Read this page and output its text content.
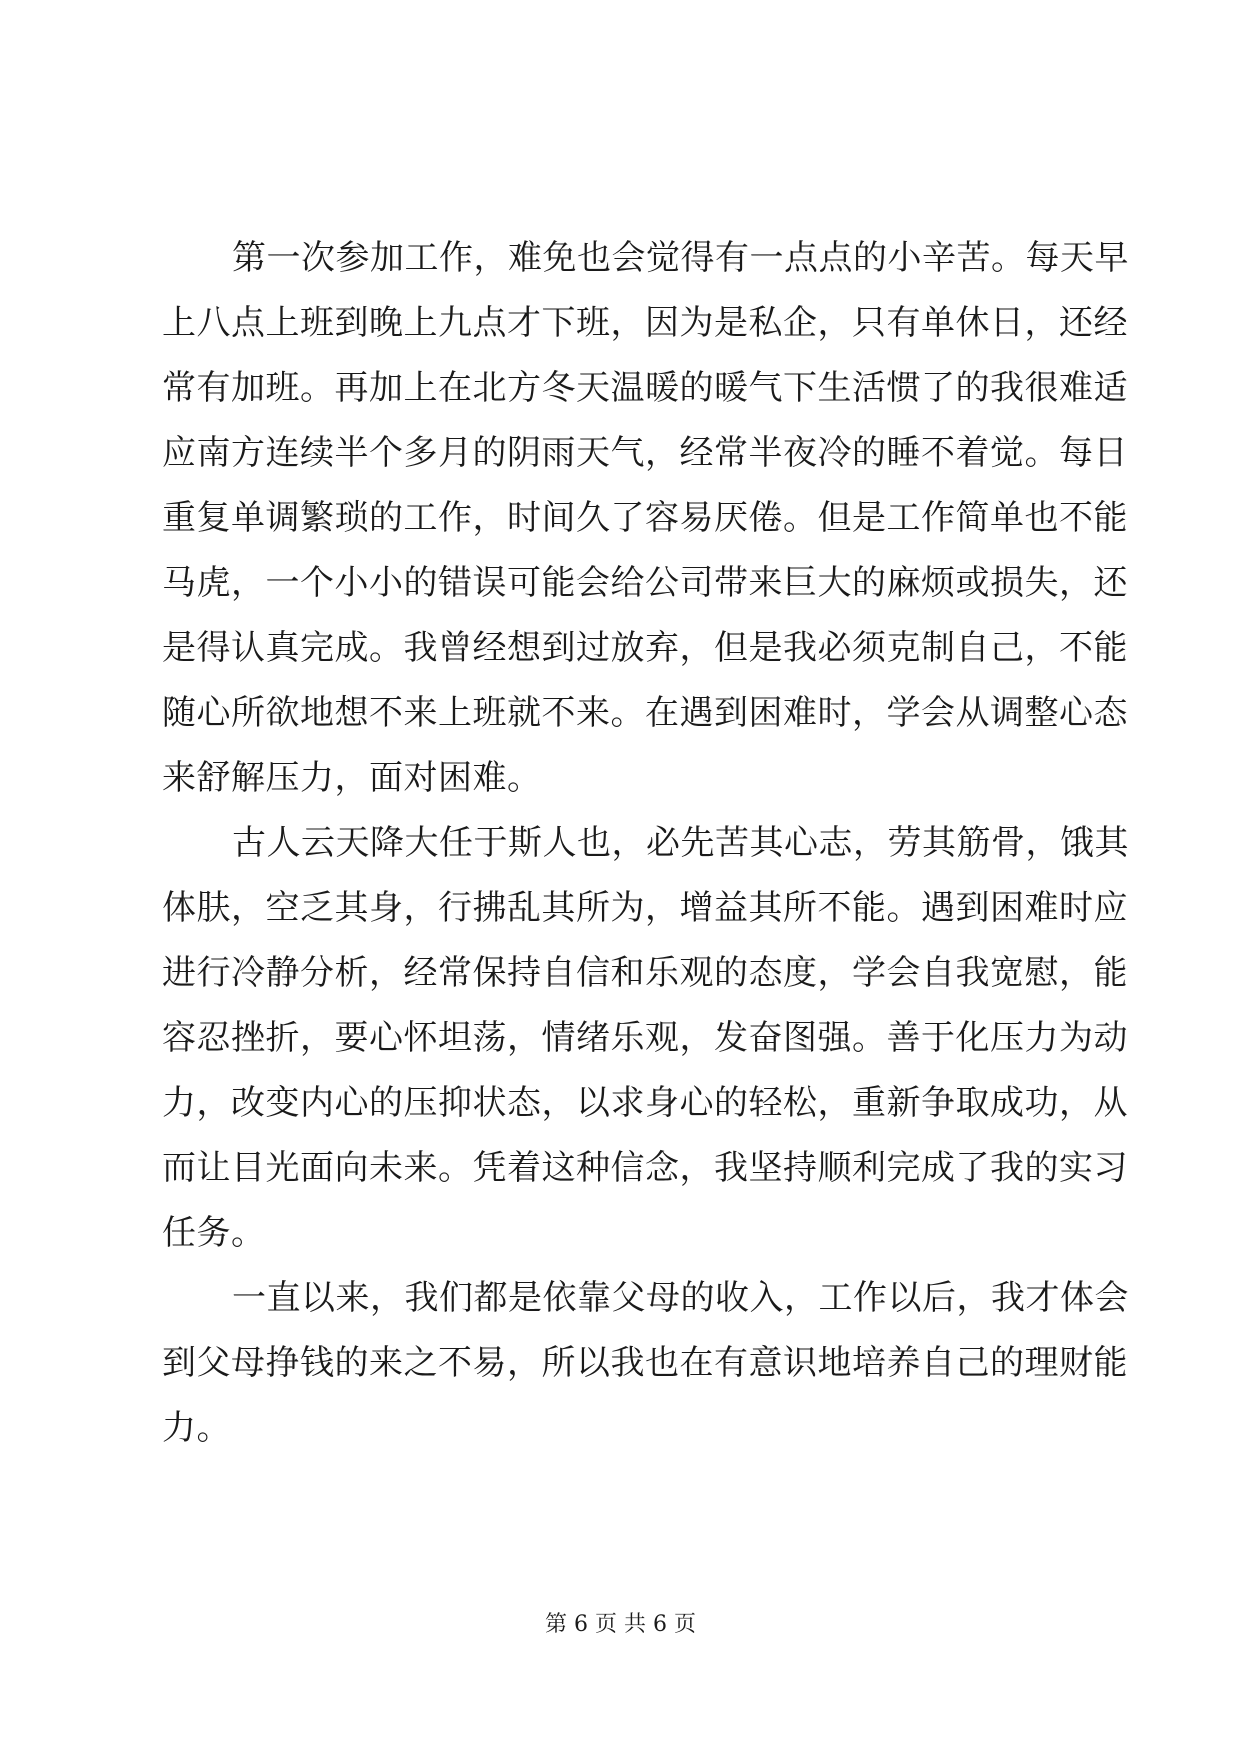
第一次参加工作，难免也会觉得有一点点的小辛苦。每天早
上八点上班到晚上九点才下班，因为是私企，只有单休日，还经
常有加班。再加上在北方冬天温暖的暖气下生活惯了的我很难适
应南方连续半个多月的阴雨天气，经常半夜冷的睡不着觉。每日
重复单调繁琐的工作，时间久了容易厌倦。但是工作简单也不能
马虎，一个小小的错误可能会给公司带来巨大的麻烦或损失，还
是得认真完成。我曾经想到过放弃，但是我必须克制自己，不能
随心所欲地想不来上班就不来。在遇到困难时，学会从调整心态
来舒解压力，面对困难。
古人云天降大任于斯人也，必先苦其心志，劳其筋骨，饿其
体肤，空乏其身，行拂乱其所为，增益其所不能。遇到困难时应
进行冷静分析，经常保持自信和乐观的态度，学会自我宽慰，能
容忍挫折，要心怀坦荡，情绪乐观，发奋图强。善于化压力为动
力，改变内心的压抑状态，以求身心的轻松，重新争取成功，从
而让目光面向未来。凭着这种信念，我坚持顺利完成了我的实习
任务。
一直以来，我们都是依靠父母的收入，工作以后，我才体会
到父母挣钱的来之不易，所以我也在有意识地培养自己的理财能
力。
第 6 页 共 6 页
